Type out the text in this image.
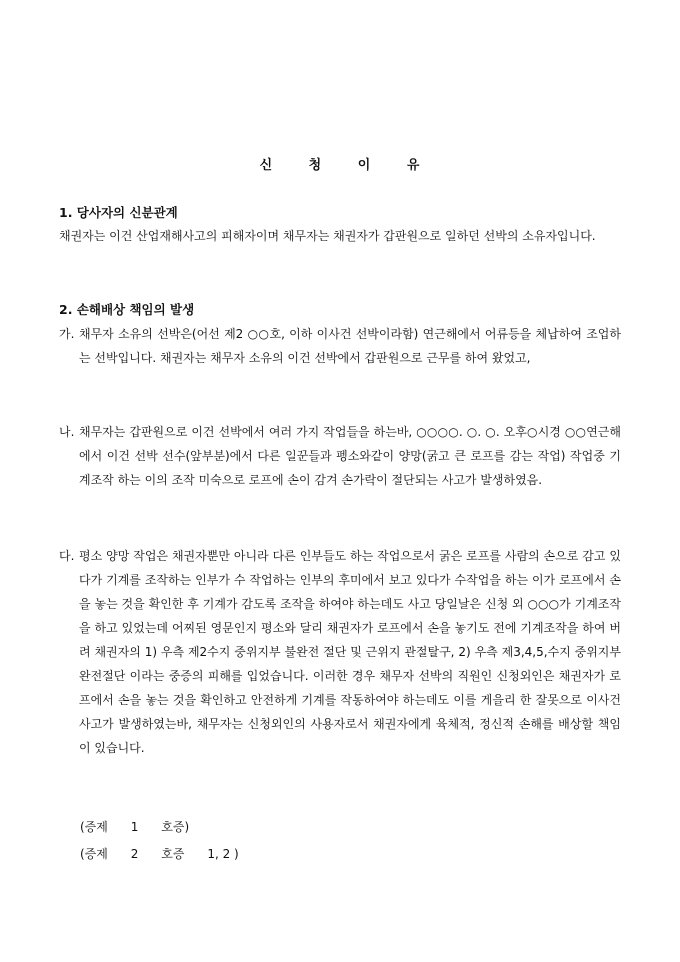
신 청 이 유
1. 당사자의 신분관계
채권자는 이건 산업재해사고의 피해자이며 채무자는 채권자가 갑판원으로 일하던 선박의 소유자입니다.
2. 손해배상 책임의 발생
가. 채무자 소유의 선박은(어선 제2 ○○호, 이하 이사건 선박이라함) 연근해에서 어류등을 체납하여 조업하는 선박입니다. 채권자는 채무자 소유의 이건 선박에서 갑판원으로 근무를 하여 왔었고,
나. 채무자는 갑판원으로 이건 선박에서 여러 가지 작업들을 하는바, ○○○○. ○. ○. 오후○시경 ○○연근해에서 이건 선박 선수(앞부분)에서 다른 일꾼들과 펭소와같이 양망(굵고 큰 로프를 감는 작업) 작업중 기계조작 하는 이의 조작 미숙으로 로프에 손이 감겨 손가락이 절단되는 사고가 발생하였음.
다. 평소 양망 작업은 채권자뿐만 아니라 다른 인부들도 하는 작업으로서 굵은 로프를 사람의 손으로 감고 있다가 기계를 조작하는 인부가 수 작업하는 인부의 후미에서 보고 있다가 수작업을 하는 이가 로프에서 손을 놓는 것을 확인한 후 기계가 감도록 조작을 하여야 하는데도 사고 당일날은 신청 외 ○○○가 기계조작을 하고 있었는데 어찌된 영문인지 평소와 달리 채권자가 로프에서 손을 놓기도 전에 기계조작을 하여 버려 채권자의 1) 우측 제2수지 중위지부 불완전 절단 및 근위지 관절탈구, 2) 우측 제3,4,5,수지 중위지부 완전절단 이라는 중증의 피해를 입었습니다. 이러한 경우 채무자 선박의 직원인 신청외인은 채권자가 로프에서 손을 놓는 것을 확인하고 안전하게 기계를 작동하여야 하는데도 이를 게을리 한 잘못으로 이사건 사고가 발생하였는바, 채무자는 신청외인의 사용자로서 채권자에게 육체적, 정신적 손해를 배상할 책임이 있습니다.
(증제      1      호증)
(증제      2      호증      1, 2 )
